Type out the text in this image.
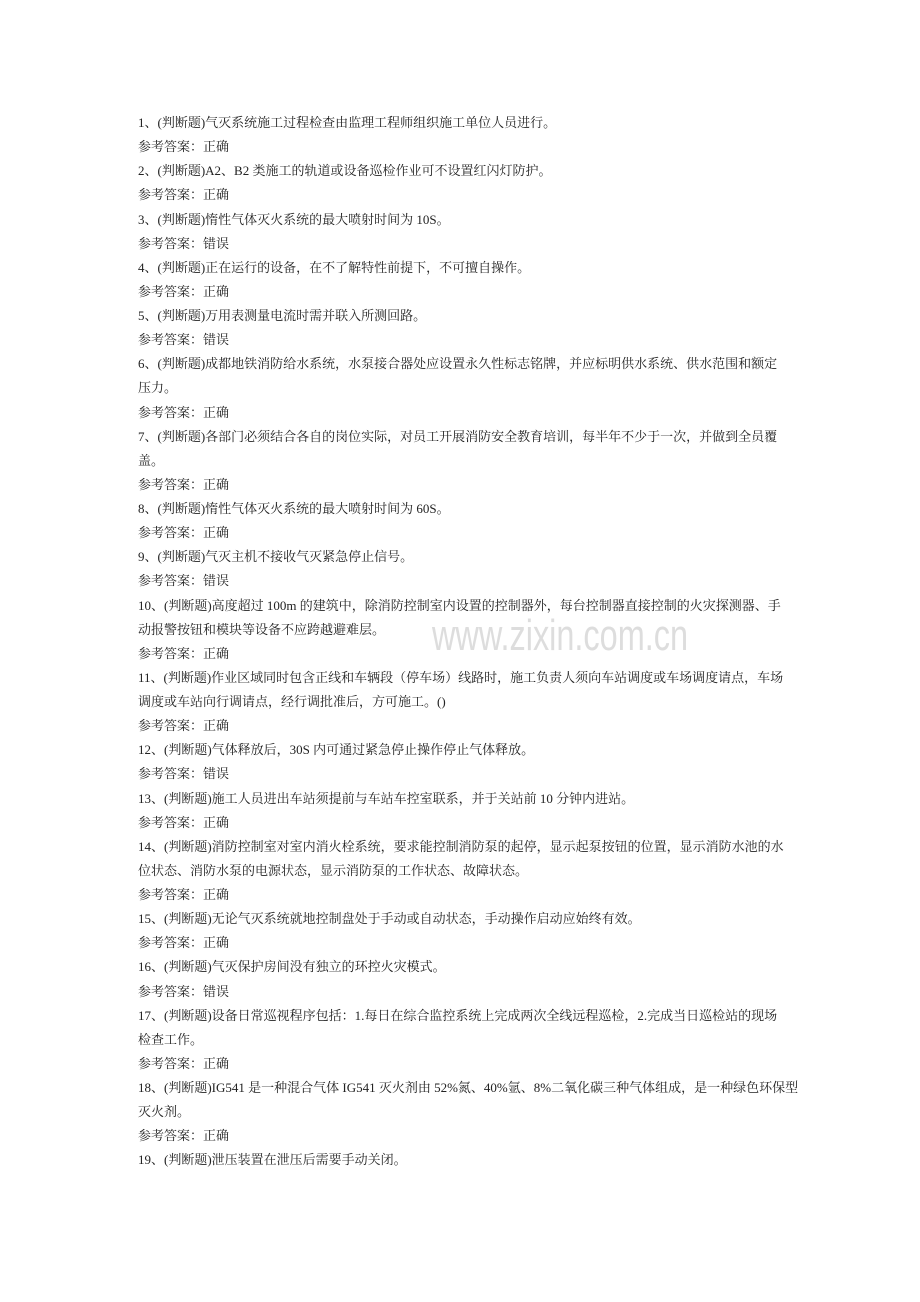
www.zixin.com.cn
1、(判断题)气灭系统施工过程检查由监理工程师组织施工单位人员进行。
参考答案：正确
2、(判断题)A2、B2 类施工的轨道或设备巡检作业可不设置红闪灯防护。
参考答案：正确
3、(判断题)惰性气体灭火系统的最大喷射时间为 10S。
参考答案：错误
4、(判断题)正在运行的设备，在不了解特性前提下，不可擅自操作。
参考答案：正确
5、(判断题)万用表测量电流时需并联入所测回路。
参考答案：错误
6、(判断题)成都地铁消防给水系统，水泵接合器处应设置永久性标志铭牌，并应标明供水系统、供水范围和额定
压力。
参考答案：正确
7、(判断题)各部门必须结合各自的岗位实际，对员工开展消防安全教育培训，每半年不少于一次，并做到全员覆
盖。
参考答案：正确
8、(判断题)惰性气体灭火系统的最大喷射时间为 60S。
参考答案：正确
9、(判断题)气灭主机不接收气灭紧急停止信号。
参考答案：错误
10、(判断题)高度超过 100m 的建筑中，除消防控制室内设置的控制器外，每台控制器直接控制的火灾探测器、手
动报警按钮和模块等设备不应跨越避难层。
参考答案：正确
11、(判断题)作业区域同时包含正线和车辆段（停车场）线路时，施工负责人须向车站调度或车场调度请点，车场
调度或车站向行调请点，经行调批准后，方可施工。()
参考答案：正确
12、(判断题)气体释放后，30S 内可通过紧急停止操作停止气体释放。
参考答案：错误
13、(判断题)施工人员进出车站须提前与车站车控室联系，并于关站前 10 分钟内进站。
参考答案：正确
14、(判断题)消防控制室对室内消火栓系统，要求能控制消防泵的起停，显示起泵按钮的位置，显示消防水池的水
位状态、消防水泵的电源状态，显示消防泵的工作状态、故障状态。
参考答案：正确
15、(判断题)无论气灭系统就地控制盘处于手动或自动状态，手动操作启动应始终有效。
参考答案：正确
16、(判断题)气灭保护房间没有独立的环控火灾模式。
参考答案：错误
17、(判断题)设备日常巡视程序包括：1.每日在综合监控系统上完成两次全线远程巡检，2.完成当日巡检站的现场
检查工作。
参考答案：正确
18、(判断题)IG541 是一种混合气体 IG541 灭火剂由 52%氮、40%氩、8%二氧化碳三种气体组成，是一种绿色环保型
灭火剂。
参考答案：正确
19、(判断题)泄压装置在泄压后需要手动关闭。
